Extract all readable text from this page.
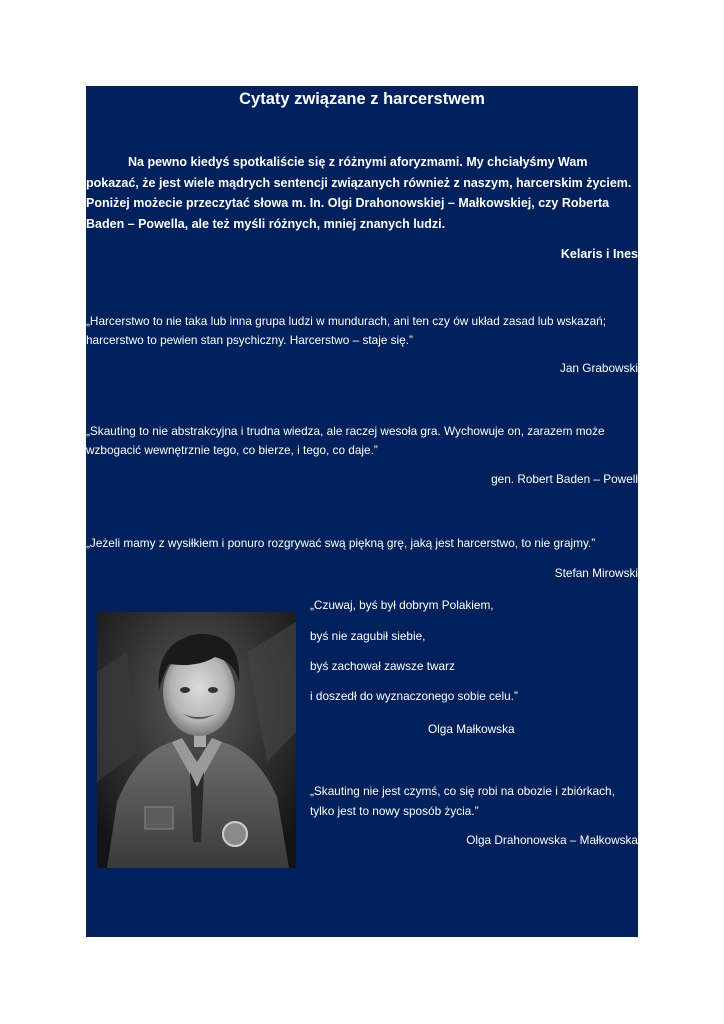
Cytaty związane z harcerstwem

Na pewno kiedyś spotkaliście się z różnymi aforyzmami. My chciałyśmy Wam pokazać, że jest wiele mądrych sentencji związanych również z naszym, harcerskim życiem. Poniżej możecie przeczytać słowa m. In. Olgi Drahonowskiej – Małkowskiej, czy Roberta Baden – Powella, ale też myśli różnych, mniej znanych ludzi.

Kelaris i Ines

„Harcerstwo to nie taka lub inna grupa ludzi w mundurach, ani ten czy ów układ zasad lub wskazań; harcerstwo to pewien stan psychiczny. Harcerstwo – staje się.”

Jan Grabowski

„Skauting to nie abstrakcyjna i trudna wiedza, ale raczej wesoła gra. Wychowuje on, zarazem może wzbogacić wewnętrznie tego, co bierze, i tego, co daje.”

gen. Robert Baden – Powell

„Jeżeli mamy z wysiłkiem i ponuro rozgrywać swą piękną grę, jaką jest harcerstwo, to nie grajmy.”

Stefan Mirowski

„Czuwaj, byś był dobrym Polakiem,

byś nie zagubił siebie,

byś zachował zawsze twarz

i doszedł do wyznaczonego sobie celu.”

Olga Małkowska

„Skauting nie jest czymś, co się robi na obozie i zbiórkach, tylko jest to nowy sposób życia.”

Olga Drahonowska – Małkowska
